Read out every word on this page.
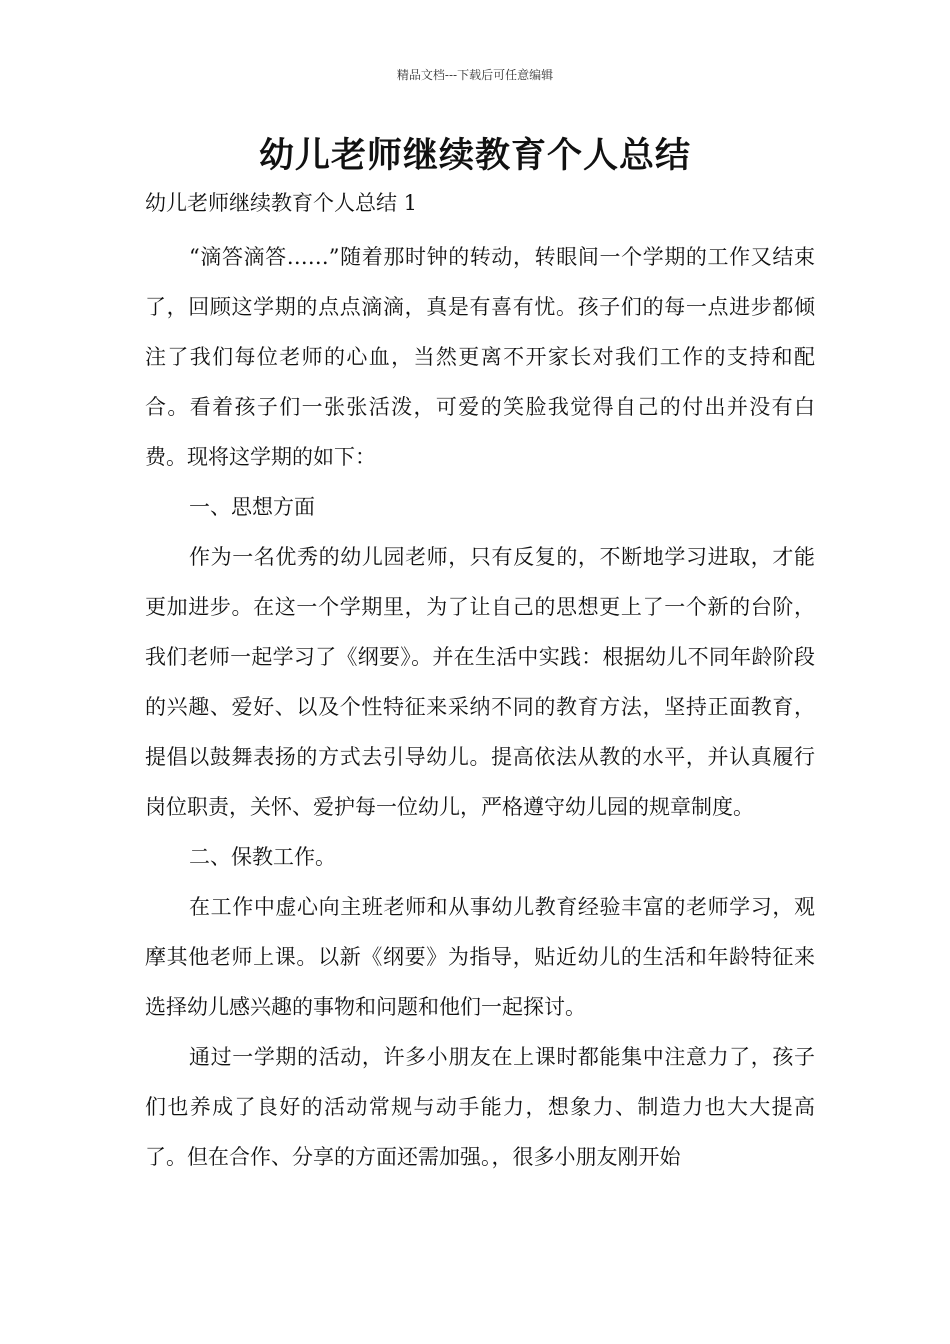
精品文档---下载后可任意编辑
幼儿老师继续教育个人总结

幼儿老师继续教育个人总结 1

“滴答滴答……”随着那时钟的转动，转眼间一个学期的工作又结束了，回顾这学期的点点滴滴，真是有喜有忧。孩子们的每一点进步都倾注了我们每位老师的心血，当然更离不开家长对我们工作的支持和配合。看着孩子们一张张活泼，可爱的笑脸我觉得自己的付出并没有白费。现将这学期的如下：

一、思想方面

作为一名优秀的幼儿园老师，只有反复的，不断地学习进取，才能更加进步。在这一个学期里，为了让自己的思想更上了一个新的台阶，我们老师一起学习了《纲要》。并在生活中实践：根据幼儿不同年龄阶段的兴趣、爱好、以及个性特征来采纳不同的教育方法，坚持正面教育，提倡以鼓舞表扬的方式去引导幼儿。提高依法从教的水平，并认真履行岗位职责，关怀、爱护每一位幼儿，严格遵守幼儿园的规章制度。

二、保教工作。

在工作中虚心向主班老师和从事幼儿教育经验丰富的老师学习，观摩其他老师上课。以新《纲要》为指导，贴近幼儿的生活和年龄特征来选择幼儿感兴趣的事物和问题和他们一起探讨。

通过一学期的活动，许多小朋友在上课时都能集中注意力了，孩子们也养成了良好的活动常规与动手能力，想象力、制造力也大大提高了。但在合作、分享的方面还需加强。，很多小朋友刚开始
